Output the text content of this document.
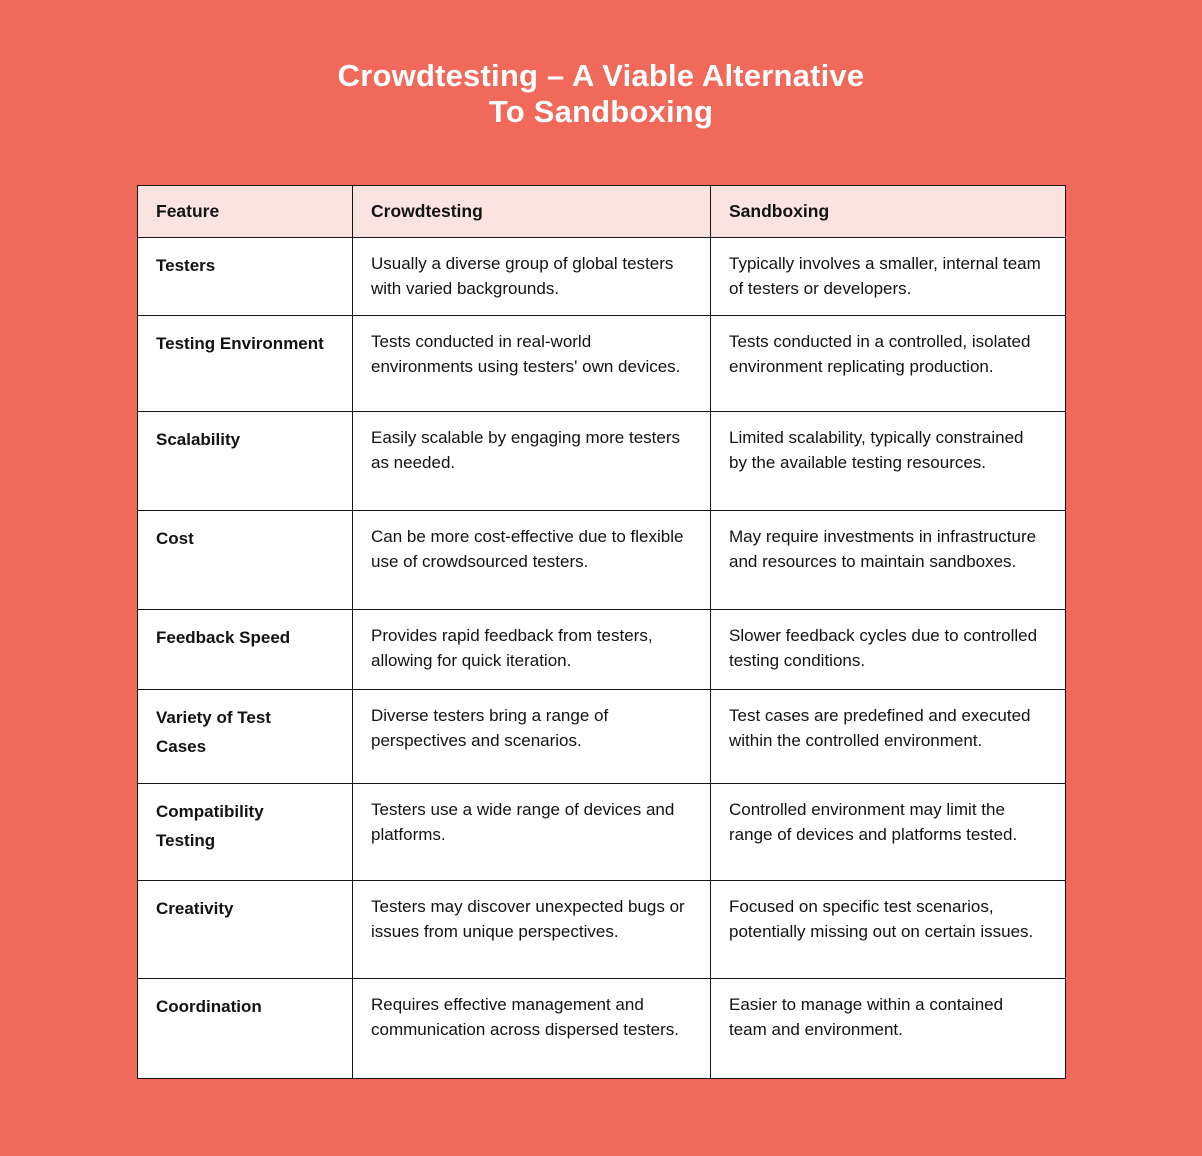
Crowdtesting – A Viable Alternative
To Sandboxing
Feature	Crowdtesting	Sandboxing
Testers	Usually a diverse group of global testers with varied backgrounds.	Typically involves a smaller, internal team of testers or developers.
Testing Environment	Tests conducted in real-world environments using testers' own devices.	Tests conducted in a controlled, isolated environment replicating production.
Scalability	Easily scalable by engaging more testers as needed.	Limited scalability, typically constrained by the available testing resources.
Cost	Can be more cost-effective due to flexible use of crowdsourced testers.	May require investments in infrastructure and resources to maintain sandboxes.
Feedback Speed	Provides rapid feedback from testers, allowing for quick iteration.	Slower feedback cycles due to controlled testing conditions.
Variety of Test Cases	Diverse testers bring a range of perspectives and scenarios.	Test cases are predefined and executed within the controlled environment.
Compatibility Testing	Testers use a wide range of devices and platforms.	Controlled environment may limit the range of devices and platforms tested.
Creativity	Testers may discover unexpected bugs or issues from unique perspectives.	Focused on specific test scenarios, potentially missing out on certain issues.
Coordination	Requires effective management and communication across dispersed testers.	Easier to manage within a contained team and environment.
